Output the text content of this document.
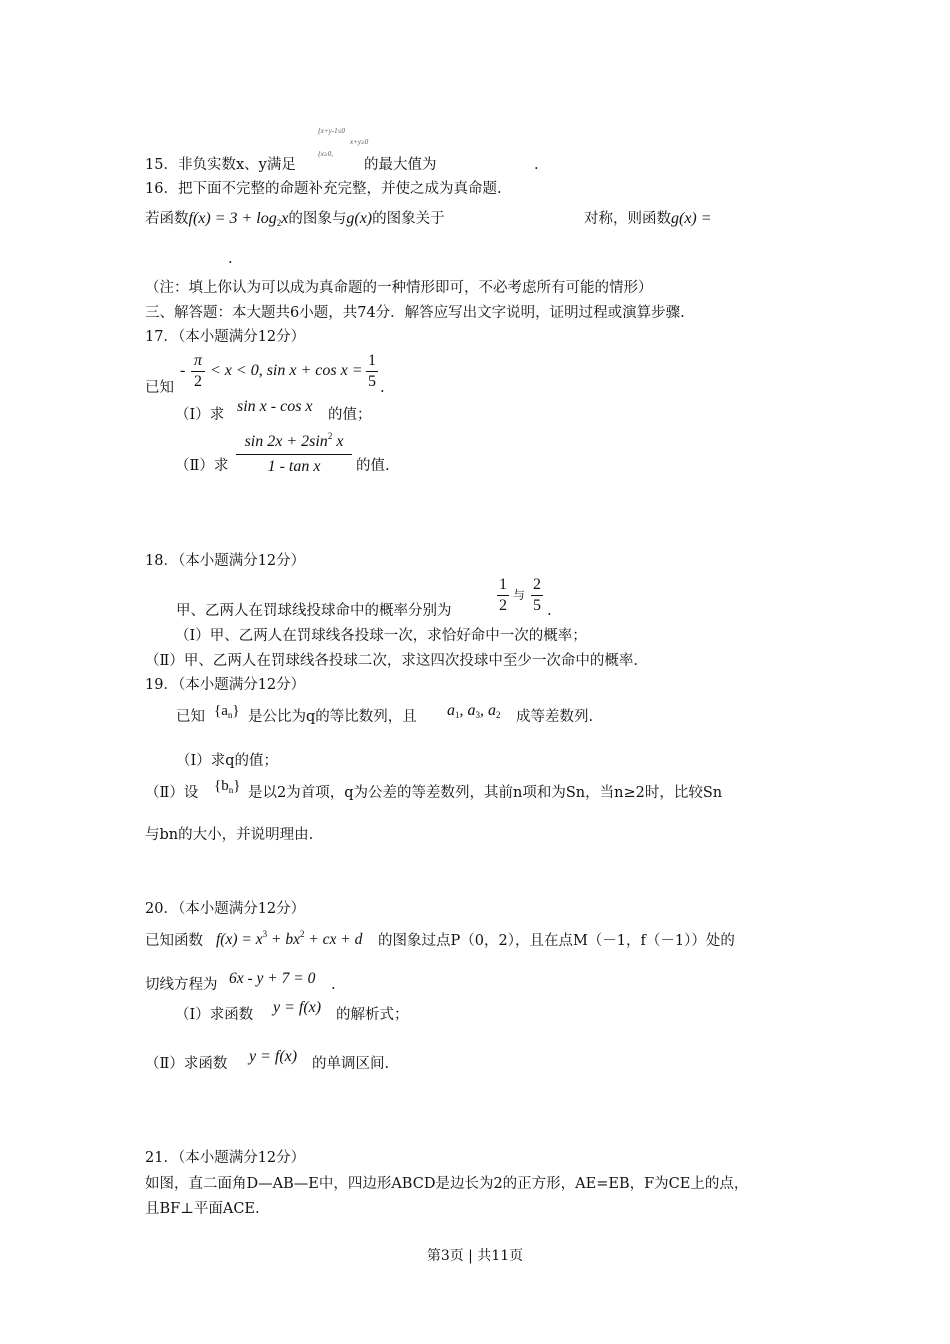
{x+y-1≤0
x+y≥0
{x≥0,
15．非负实数x、y满足	的最大值为	.
16．把下面不完整的命题补充完整，并使之成为真命题.
若函数$f(x) = 3 + \log_2x$的图象与g(x)的图象关于	对称，则函数g(x) =
.
（注：填上你认为可以成为真命题的一种情形即可，不必考虑所有可能的情形）
三、解答题：本大题共6小题，共74分．解答应写出文字说明，证明过程或演算步骤.
17．（本小题满分12分）
已知
-
π
2
< x < 0, sin x + cos x =
1
5 .
（Ⅰ）求 sin x - cos x 的值；
（Ⅱ）求
$\sin 2x + 2\sin^2$ x
1 - tan x	的值.
18．（本小题满分12分）
1
2
与
2
5
甲、乙两人在罚球线投球命中的概率分别为	.
（Ⅰ）甲、乙两人在罚球线各投球一次，求恰好命中一次的概率；
（Ⅱ）甲、乙两人在罚球线各投球二次，求这四次投球中至少一次命中的概率.
19．（本小题满分12分）
已知 $\{a_n\}$ 是公比为q的等比数列，且 $a_1$, $a_3$, $a_2$ 成等差数列.
（Ⅰ）求q的值；
（Ⅱ）设 $\{b_n\}$ 是以2为首项，q为公差的等差数列，其前n项和为Sn，当n≥2时，比较Sn
与bn的大小，并说明理由.
20．（本小题满分12分）
已知函数 $f(x) = x^3 + bx^2$ + cx + d 的图象过点P（0，2），且在点M（－1，f（－1））处的
切线方程为 6x - y + 7 = 0 .
（Ⅰ）求函数 y = f(x) 的解析式；
（Ⅱ）求函数 y = f(x) 的单调区间.
21．（本小题满分12分）
如图，直二面角D—AB—E中，四边形ABCD是边长为2的正方形，AE=EB，F为CE上的点，
且BF⊥平面ACE.
第3页 | 共11页
